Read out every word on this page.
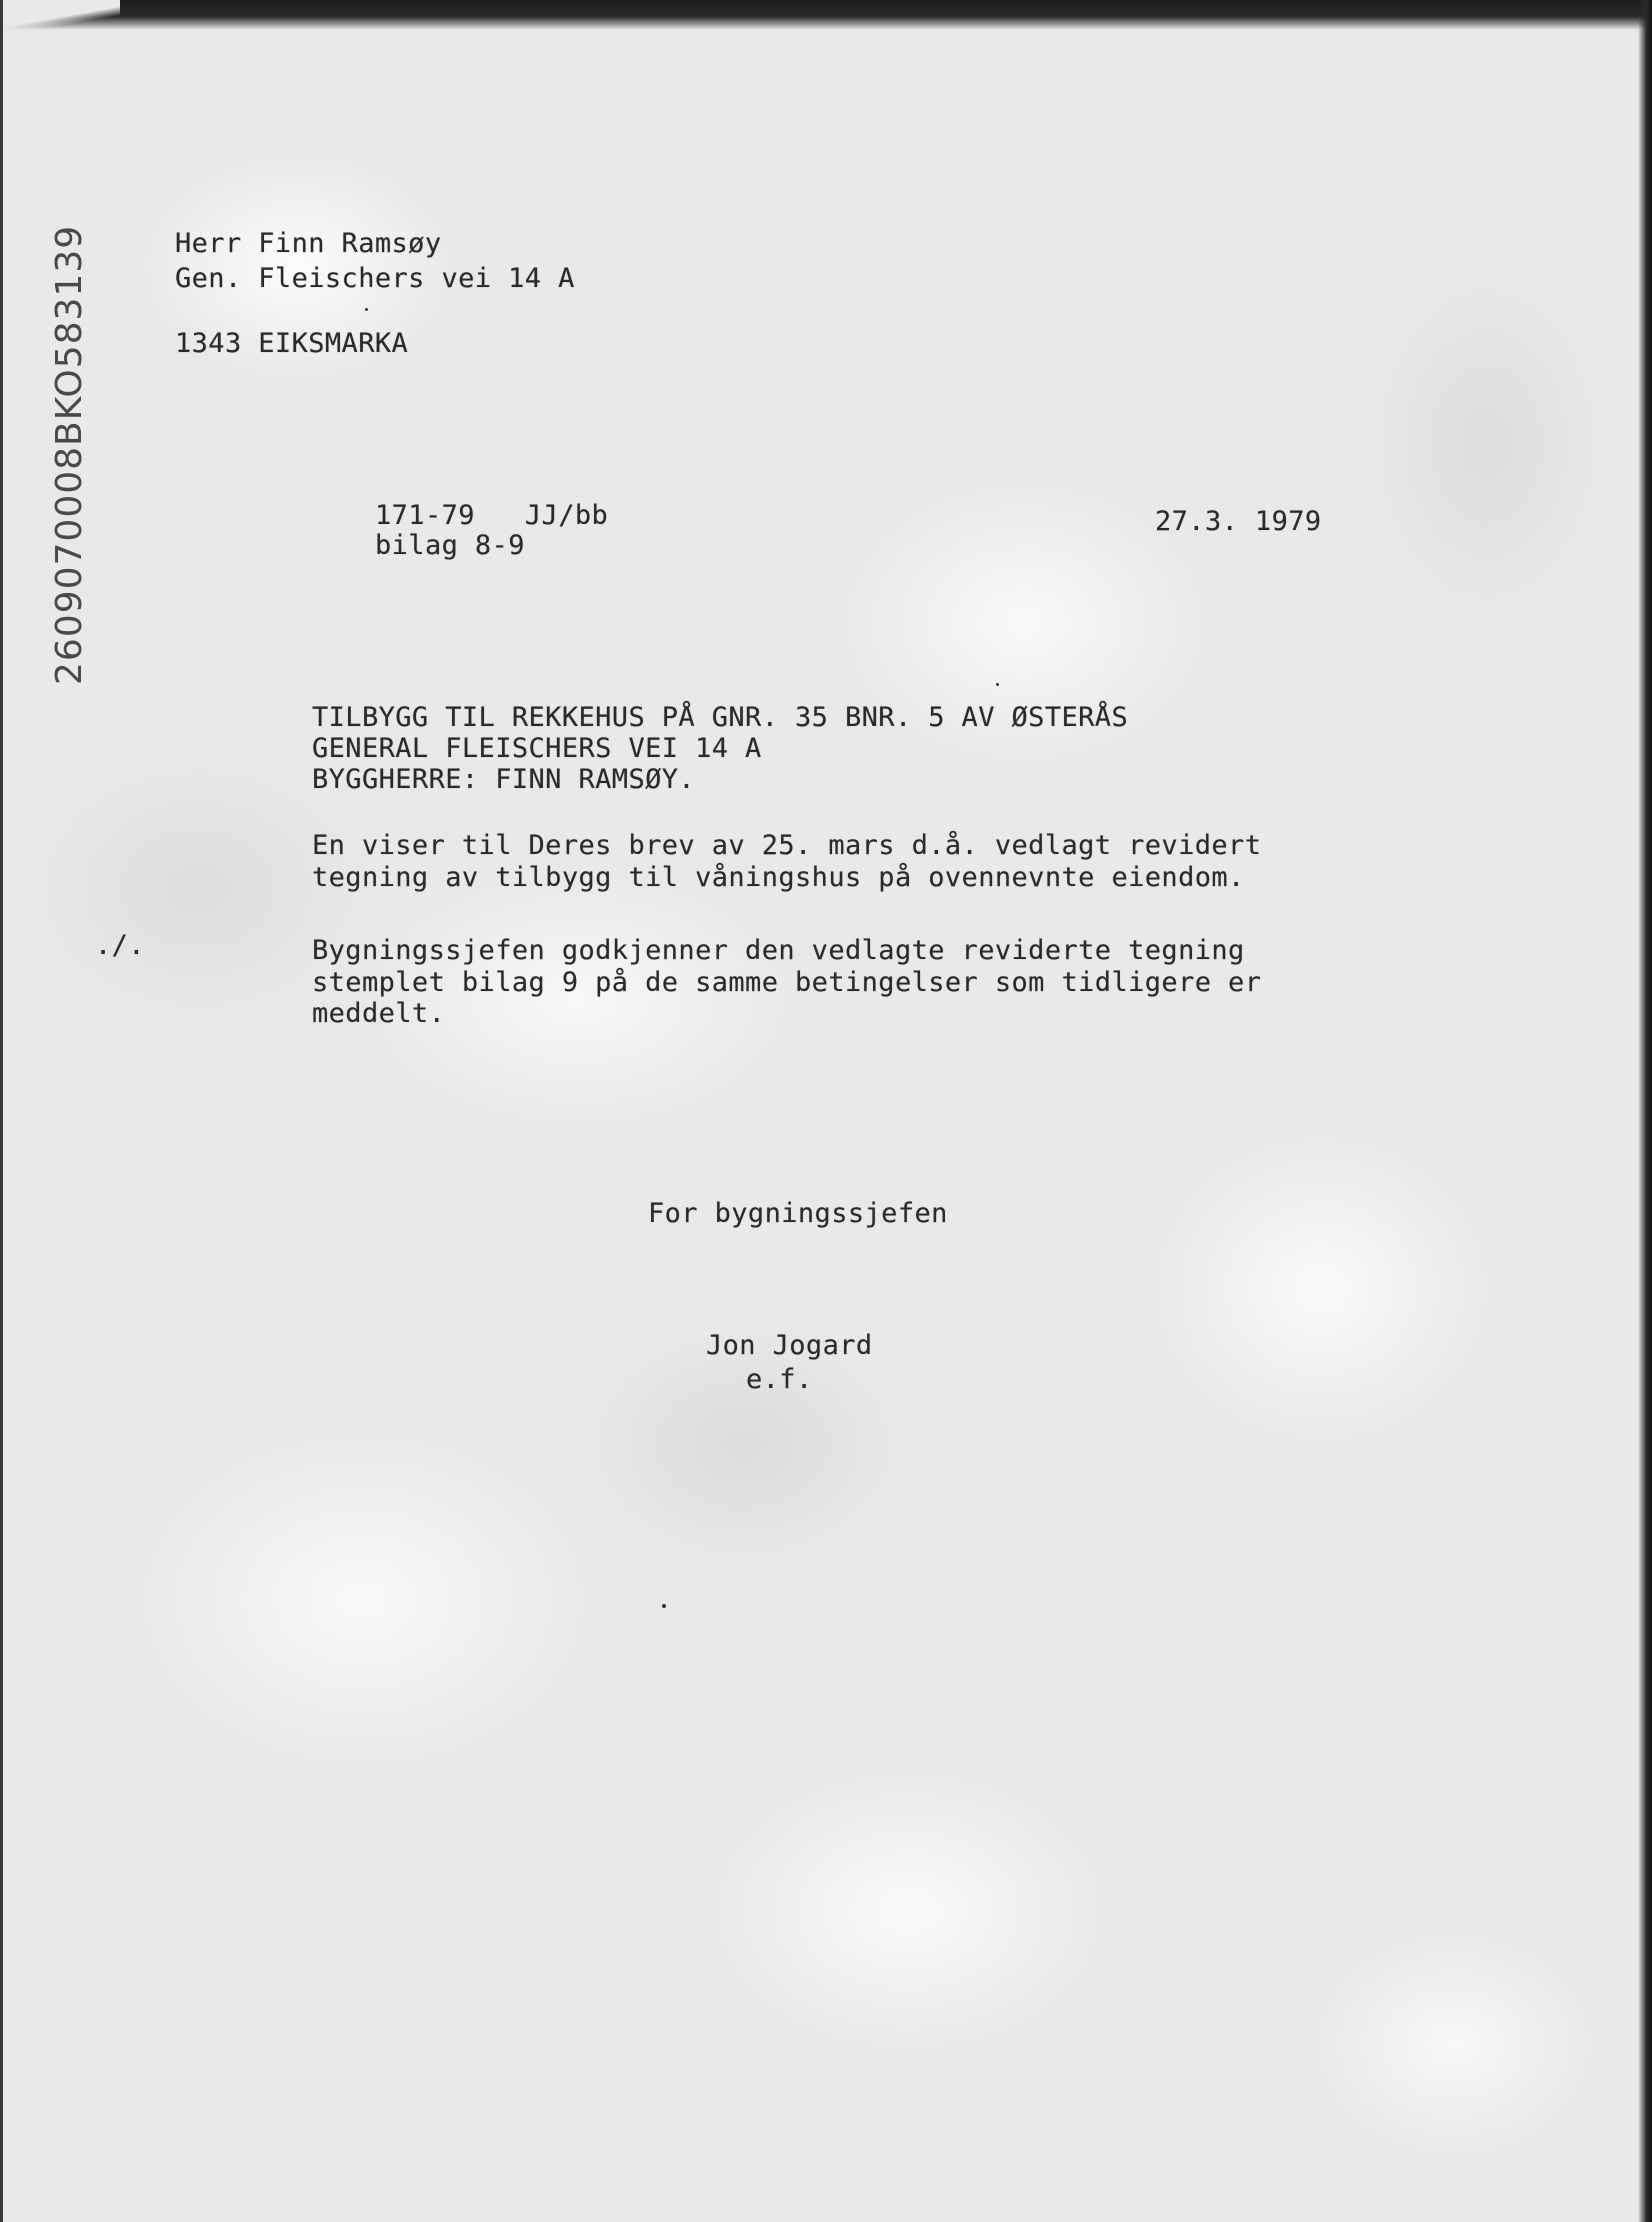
2609070008BKO583139	Herr Finn Ramsøy
Gen. Fleischers vei 14 A
1343 EIKSMARKA
171-79   JJ/bb
bilag 8-9
27.3. 1979
TILBYGG TIL REKKEHUS PÅ GNR. 35 BNR. 5 AV ØSTERÅS
GENERAL FLEISCHERS VEI 14 A
BYGGHERRE: FINN RAMSØY.
En viser til Deres brev av 25. mars d.å. vedlagt revidert
tegning av tilbygg til våningshus på ovennevnte eiendom.
./.	Bygningssjefen godkjenner den vedlagte reviderte tegning
stemplet bilag 9 på de samme betingelser som tidligere er
meddelt.
For bygningssjefen
Jon Jogard
e.f.
